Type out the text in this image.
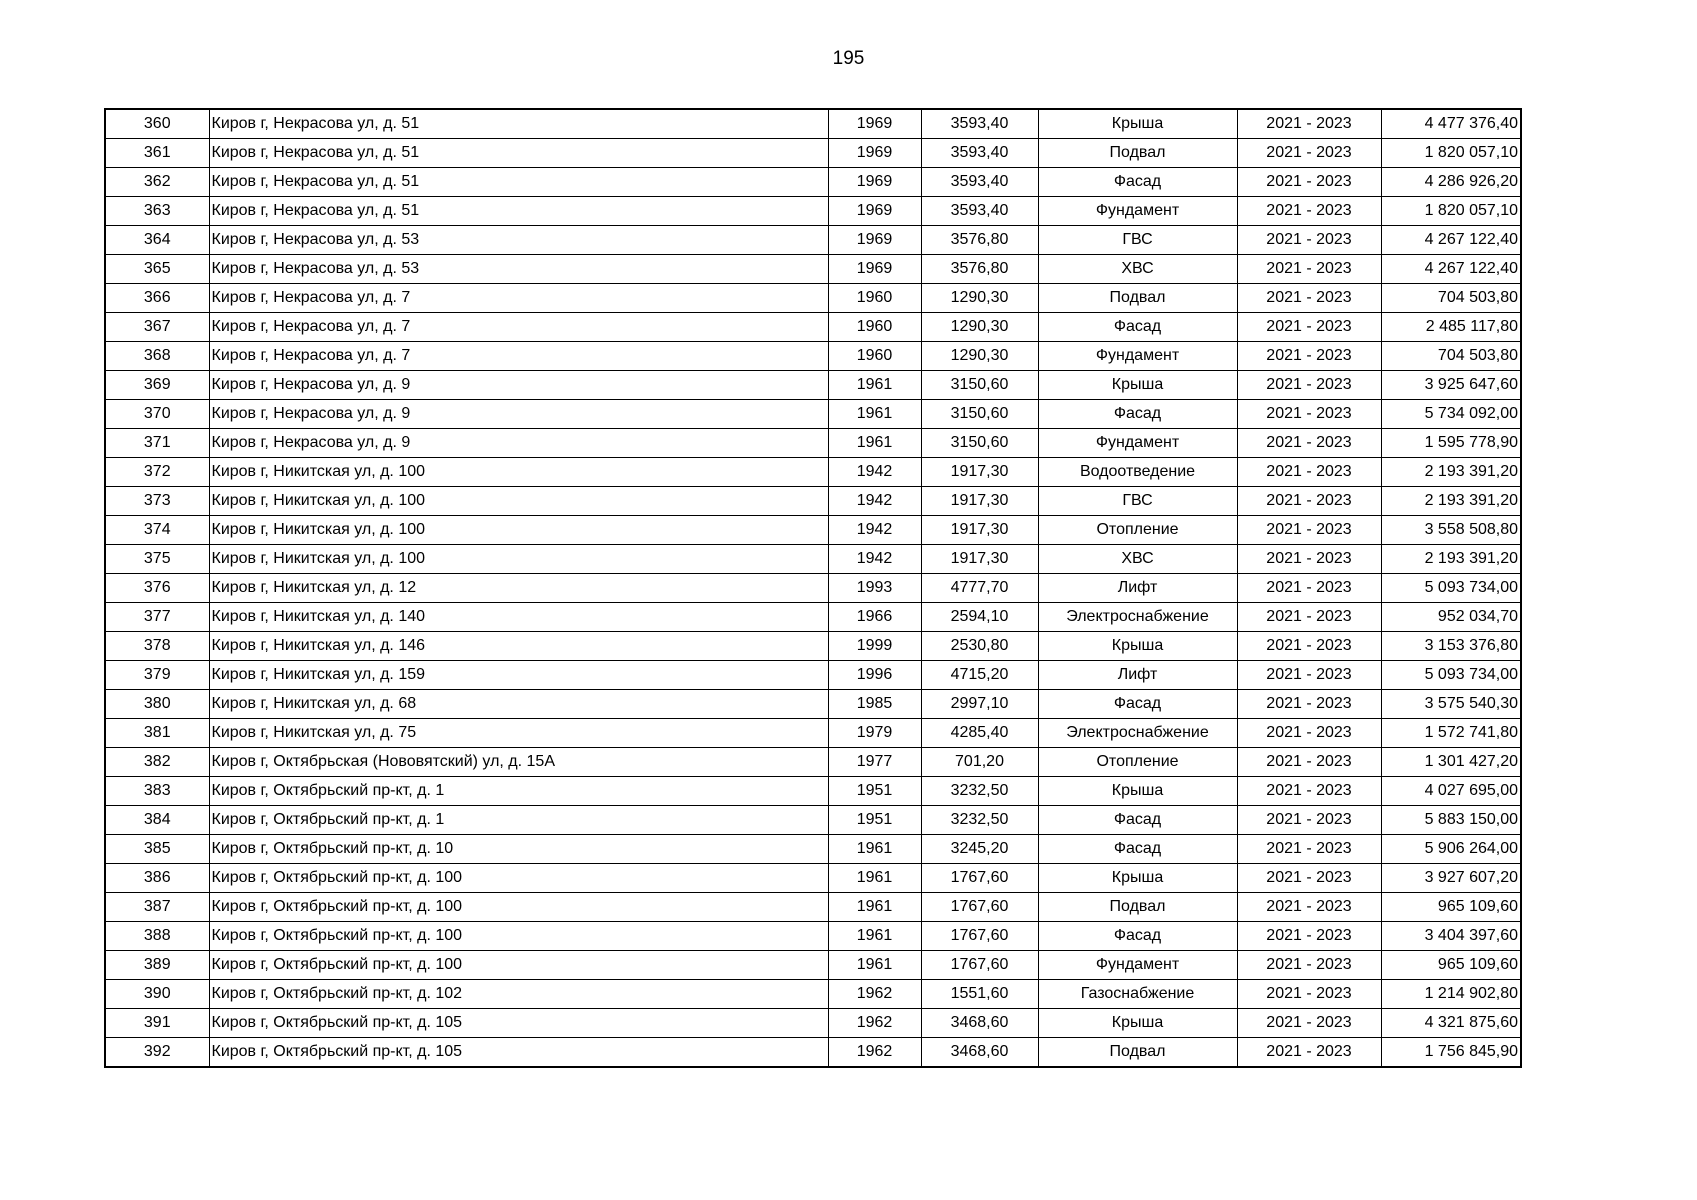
195
360	Киров г, Некрасова ул, д. 51	1969	3593,40	Крыша	2021 - 2023	4 477 376,40
361	Киров г, Некрасова ул, д. 51	1969	3593,40	Подвал	2021 - 2023	1 820 057,10
362	Киров г, Некрасова ул, д. 51	1969	3593,40	Фасад	2021 - 2023	4 286 926,20
363	Киров г, Некрасова ул, д. 51	1969	3593,40	Фундамент	2021 - 2023	1 820 057,10
364	Киров г, Некрасова ул, д. 53	1969	3576,80	ГВС	2021 - 2023	4 267 122,40
365	Киров г, Некрасова ул, д. 53	1969	3576,80	ХВС	2021 - 2023	4 267 122,40
366	Киров г, Некрасова ул, д. 7	1960	1290,30	Подвал	2021 - 2023	704 503,80
367	Киров г, Некрасова ул, д. 7	1960	1290,30	Фасад	2021 - 2023	2 485 117,80
368	Киров г, Некрасова ул, д. 7	1960	1290,30	Фундамент	2021 - 2023	704 503,80
369	Киров г, Некрасова ул, д. 9	1961	3150,60	Крыша	2021 - 2023	3 925 647,60
370	Киров г, Некрасова ул, д. 9	1961	3150,60	Фасад	2021 - 2023	5 734 092,00
371	Киров г, Некрасова ул, д. 9	1961	3150,60	Фундамент	2021 - 2023	1 595 778,90
372	Киров г, Никитская ул, д. 100	1942	1917,30	Водоотведение	2021 - 2023	2 193 391,20
373	Киров г, Никитская ул, д. 100	1942	1917,30	ГВС	2021 - 2023	2 193 391,20
374	Киров г, Никитская ул, д. 100	1942	1917,30	Отопление	2021 - 2023	3 558 508,80
375	Киров г, Никитская ул, д. 100	1942	1917,30	ХВС	2021 - 2023	2 193 391,20
376	Киров г, Никитская ул, д. 12	1993	4777,70	Лифт	2021 - 2023	5 093 734,00
377	Киров г, Никитская ул, д. 140	1966	2594,10	Электроснабжение	2021 - 2023	952 034,70
378	Киров г, Никитская ул, д. 146	1999	2530,80	Крыша	2021 - 2023	3 153 376,80
379	Киров г, Никитская ул, д. 159	1996	4715,20	Лифт	2021 - 2023	5 093 734,00
380	Киров г, Никитская ул, д. 68	1985	2997,10	Фасад	2021 - 2023	3 575 540,30
381	Киров г, Никитская ул, д. 75	1979	4285,40	Электроснабжение	2021 - 2023	1 572 741,80
382	Киров г, Октябрьская (Нововятский) ул, д. 15А	1977	701,20	Отопление	2021 - 2023	1 301 427,20
383	Киров г, Октябрьский пр-кт, д. 1	1951	3232,50	Крыша	2021 - 2023	4 027 695,00
384	Киров г, Октябрьский пр-кт, д. 1	1951	3232,50	Фасад	2021 - 2023	5 883 150,00
385	Киров г, Октябрьский пр-кт, д. 10	1961	3245,20	Фасад	2021 - 2023	5 906 264,00
386	Киров г, Октябрьский пр-кт, д. 100	1961	1767,60	Крыша	2021 - 2023	3 927 607,20
387	Киров г, Октябрьский пр-кт, д. 100	1961	1767,60	Подвал	2021 - 2023	965 109,60
388	Киров г, Октябрьский пр-кт, д. 100	1961	1767,60	Фасад	2021 - 2023	3 404 397,60
389	Киров г, Октябрьский пр-кт, д. 100	1961	1767,60	Фундамент	2021 - 2023	965 109,60
390	Киров г, Октябрьский пр-кт, д. 102	1962	1551,60	Газоснабжение	2021 - 2023	1 214 902,80
391	Киров г, Октябрьский пр-кт, д. 105	1962	3468,60	Крыша	2021 - 2023	4 321 875,60
392	Киров г, Октябрьский пр-кт, д. 105	1962	3468,60	Подвал	2021 - 2023	1 756 845,90
